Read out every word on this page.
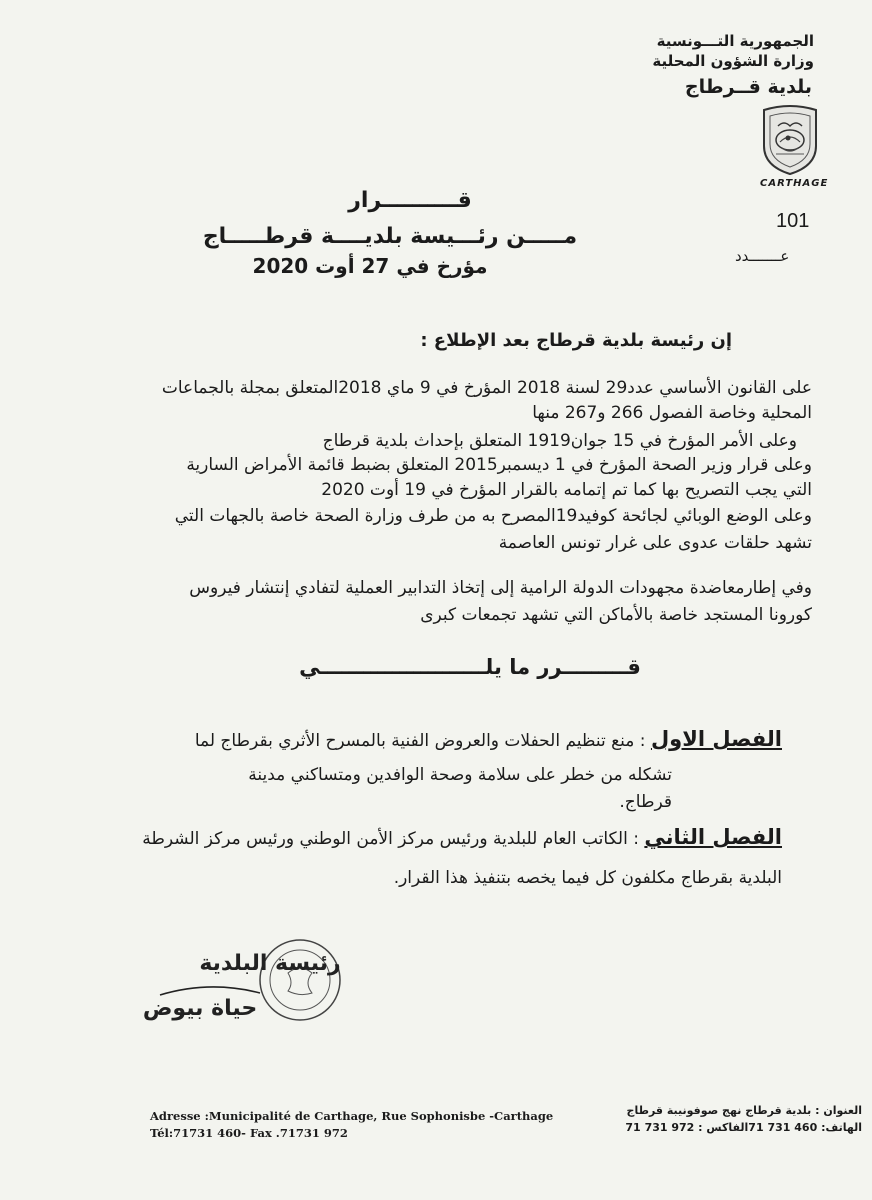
الجمهورية التـــونسية
وزارة الشؤون المحلية
بلدية قــرطاج
CARTHAGE
101
عـــــــدد
قــــــــــرار
مـــــن رئـــيسة بلديــــة قرطـــــاج
مؤرخ في 27 أوت 2020
إن رئيسة بلدية قرطاج بعد الإطلاع :
على القانون الأساسي عدد29 لسنة 2018 المؤرخ في 9 ماي 2018المتعلق بمجلة بالجماعات
المحلية وخاصة الفصول 266 و267 منها
وعلى الأمر المؤرخ في 15 جوان1919 المتعلق بإحداث بلدية قرطاج
وعلى قرار وزير الصحة المؤرخ في 1 ديسمبر2015 المتعلق بضبط قائمة الأمراض السارية
التي يجب التصريح بها كما تم إتمامه بالقرار المؤرخ في 19 أوت 2020
وعلى الوضع الوبائي لجائحة كوفيد19المصرح به من طرف وزارة الصحة خاصة بالجهات التي
تشهد حلقات عدوى على غرار تونس العاصمة
وفي إطارمعاضدة مجهودات الدولة الرامية إلى إتخاذ التدابير العملية لتفادي إنتشار فيروس
كورونا المستجد خاصة بالأماكن التي تشهد تجمعات كبرى
قـــــــــرر ما يلـــــــــــــــــــــــي
الفصل الاول : منع تنظيم الحفلات والعروض الفنية بالمسرح الأثري بقرطاج لما
تشكله من خطر على سلامة وصحة الوافدين ومتساكني مدينة
قرطاج.
الفصل الثاني : الكاتب العام للبلدية ورئيس مركز الأمن الوطني ورئيس مركز الشرطة
البلدية بقرطاج مكلفون كل فيما يخصه بتنفيذ هذا القرار.
رئيسة البلدية
حياة بيوض
Adresse :Municipalité de Carthage, Rue Sophonisbe -Carthage
Tél:71731 460- Fax .71731 972
العنوان : بلدية قرطاج نهج صوفونيبة قرطاج
الهاتف: 460 731 71الفاكس : 972 731 71
